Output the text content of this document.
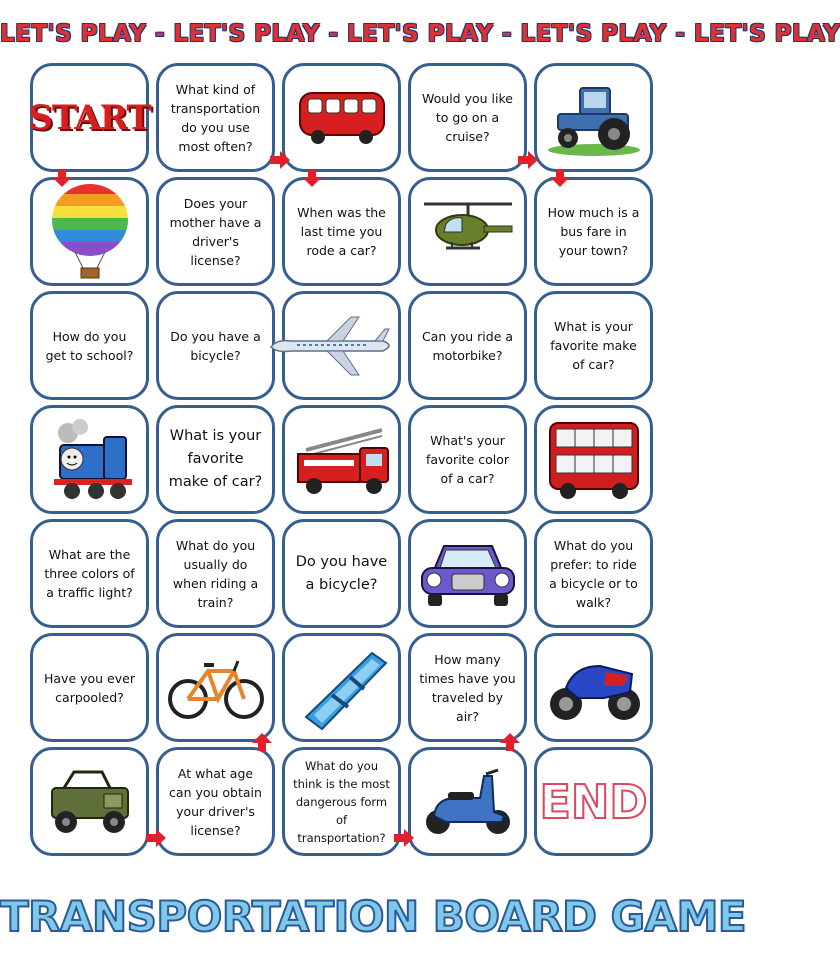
LET'S PLAY - LET'S PLAY - LET'S PLAY - LET'S PLAY - LET'S PLAY
START
What kind of transportation do you use most often?
Would you like to go on a cruise?
Does your mother have a driver's license?
When was the last time you rode a car?
How much is a bus fare in your town?
How do you get to school?
Do you have a bicycle?
Can you ride a motorbike?
What is your favorite make of car?
What is your favorite make of car?
What's your favorite color of a car?
What are the three colors of a traffic light?
What do you usually do when riding a train?
Do you have a bicycle?
What do you prefer: to ride a bicycle or to walk?
Have you ever carpooled?
How many times have you traveled by air?
At what age can you obtain your driver's license?
What do you think is the most dangerous form of transportation?
END
TRANSPORTATION BOARD GAME
